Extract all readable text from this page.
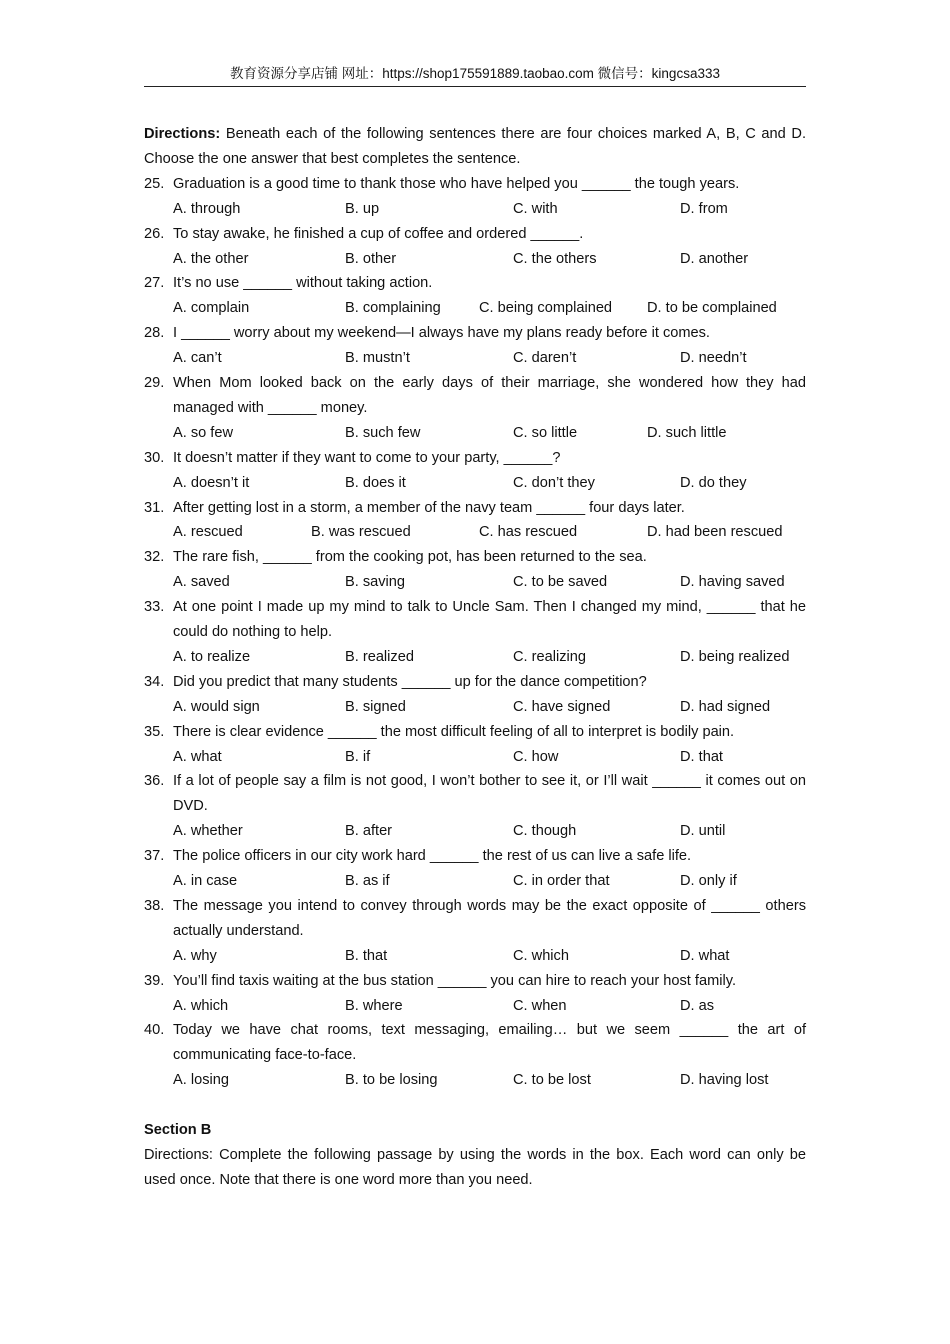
教育资源分享店铺 网址：https://shop175591889.taobao.com 微信号：kingcsa333

Directions: Beneath each of the following sentences there are four choices marked A, B, C and D. Choose the one answer that best completes the sentence.

25. Graduation is a good time to thank those who have helped you ______ the tough years.
A. through	B. up	C. with	D. from
26. To stay awake, he finished a cup of coffee and ordered ______.
A. the other	B. other	C. the others	D. another
27. It’s no use ______ without taking action.
A. complain	B. complaining	C. being complained D. to be complained
28. I ______ worry about my weekend—I always have my plans ready before it comes.
A. can’t	B. mustn’t	C. daren’t	D. needn’t
29. When Mom looked back on the early days of their marriage, she wondered how they had managed with ______ money.
A. so few	B. such few	C. so little	D. such little
30. It doesn’t matter if they want to come to your party, ______?
A. doesn’t it	B. does it	C. don’t they	D. do they
31. After getting lost in a storm, a member of the navy team ______ four days later.
A. rescued	B. was rescued	C. has rescued	D. had been rescued
32. The rare fish, ______ from the cooking pot, has been returned to the sea.
A. saved	B. saving	C. to be saved	D. having saved
33. At one point I made up my mind to talk to Uncle Sam. Then I changed my mind, ______ that he could do nothing to help.
A. to realize	B. realized	C. realizing	D. being realized
34. Did you predict that many students ______ up for the dance competition?
A. would sign	B. signed	C. have signed	D. had signed
35. There is clear evidence ______ the most difficult feeling of all to interpret is bodily pain.
A. what	B. if	C. how	D. that
36. If a lot of people say a film is not good, I won’t bother to see it, or I’ll wait ______ it comes out on DVD.
A. whether	B. after	C. though	D. until
37. The police officers in our city work hard ______ the rest of us can live a safe life.
A. in case	B. as if	C. in order that	D. only if
38. The message you intend to convey through words may be the exact opposite of ______ others actually understand.
A. why	B. that	C. which	D. what
39. You’ll find taxis waiting at the bus station ______ you can hire to reach your host family.
A. which	B. where	C. when	D. as
40. Today we have chat rooms, text messaging, emailing… but we seem ______ the art of communicating face-to-face.
A. losing	B. to be losing	C. to be lost	D. having lost

Section B

Directions: Complete the following passage by using the words in the box. Each word can only be used once. Note that there is one word more than you need.
